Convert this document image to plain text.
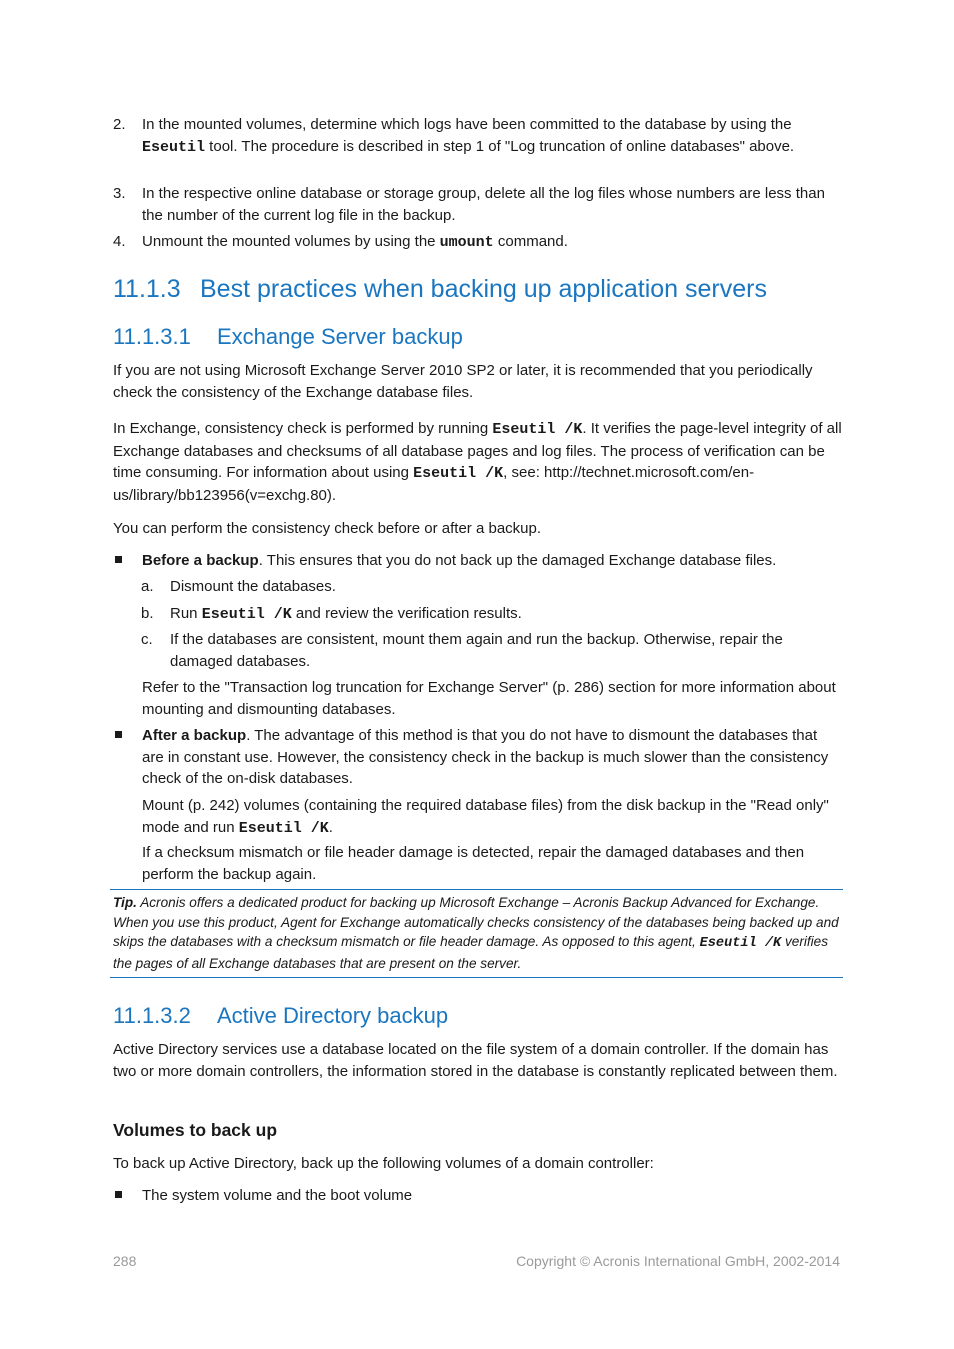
2. In the mounted volumes, determine which logs have been committed to the database by using the Eseutil tool. The procedure is described in step 1 of "Log truncation of online databases" above.
3. In the respective online database or storage group, delete all the log files whose numbers are less than the number of the current log file in the backup.
4. Unmount the mounted volumes by using the umount command.
11.1.3 Best practices when backing up application servers
11.1.3.1 Exchange Server backup
If you are not using Microsoft Exchange Server 2010 SP2 or later, it is recommended that you periodically check the consistency of the Exchange database files.
In Exchange, consistency check is performed by running Eseutil /K. It verifies the page-level integrity of all Exchange databases and checksums of all database pages and log files. The process of verification can be time consuming. For information about using Eseutil /K, see: http://technet.microsoft.com/en-us/library/bb123956(v=exchg.80).
You can perform the consistency check before or after a backup.
Before a backup. This ensures that you do not back up the damaged Exchange database files.
a. Dismount the databases.
b. Run Eseutil /K and review the verification results.
c. If the databases are consistent, mount them again and run the backup. Otherwise, repair the damaged databases.
Refer to the "Transaction log truncation for Exchange Server" (p. 286) section for more information about mounting and dismounting databases.
After a backup. The advantage of this method is that you do not have to dismount the databases that are in constant use. However, the consistency check in the backup is much slower than the consistency check of the on-disk databases.
Mount (p. 242) volumes (containing the required database files) from the disk backup in the "Read only" mode and run Eseutil /K.
If a checksum mismatch or file header damage is detected, repair the damaged databases and then perform the backup again.

Tip. Acronis offers a dedicated product for backing up Microsoft Exchange – Acronis Backup Advanced for Exchange. When you use this product, Agent for Exchange automatically checks consistency of the databases being backed up and skips the databases with a checksum mismatch or file header damage. As opposed to this agent, Eseutil /K verifies the pages of all Exchange databases that are present on the server.

11.1.3.2 Active Directory backup
Active Directory services use a database located on the file system of a domain controller. If the domain has two or more domain controllers, the information stored in the database is constantly replicated between them.
Volumes to back up
To back up Active Directory, back up the following volumes of a domain controller:
The system volume and the boot volume
288	Copyright © Acronis International GmbH, 2002-2014
